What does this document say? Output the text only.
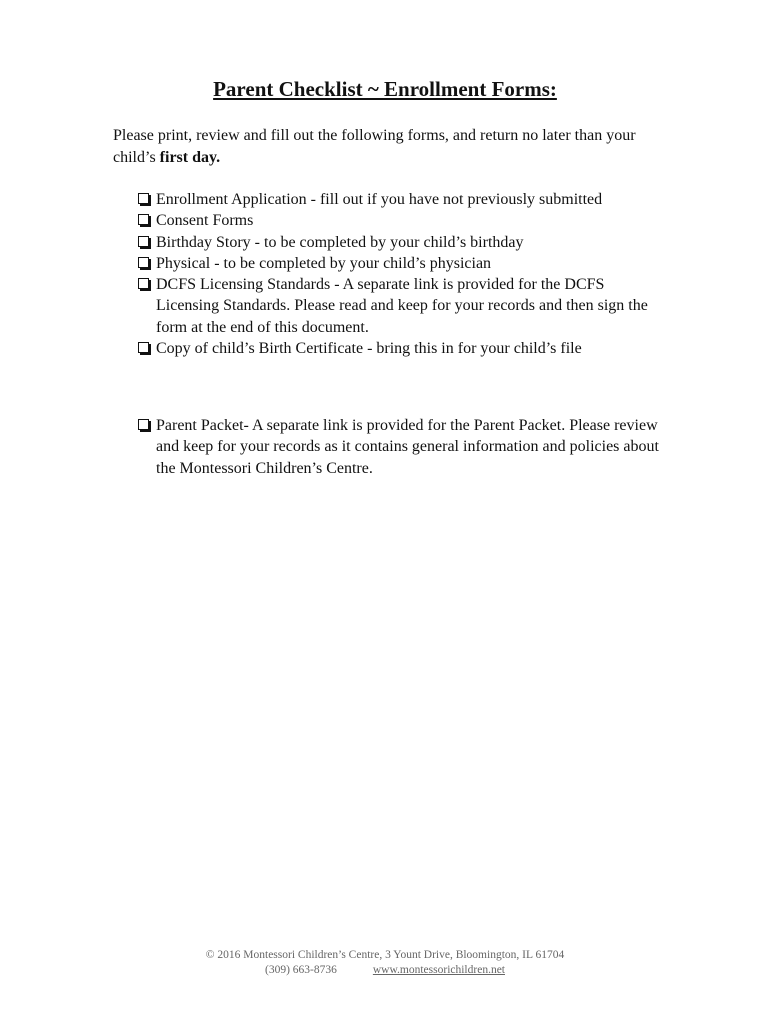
Parent Checklist ~ Enrollment Forms:

Please print, review and fill out the following forms, and return no later than your child’s first day.

Enrollment Application - fill out if you have not previously submitted
Consent Forms
Birthday Story - to be completed by your child’s birthday
Physical - to be completed by your child’s physician
DCFS Licensing Standards - A separate link is provided for the DCFS Licensing Standards. Please read and keep for your records and then sign the form at the end of this document.
Copy of child’s Birth Certificate - bring this in for your child’s file
Parent Packet- A separate link is provided for the Parent Packet. Please review and keep for your records as it contains general information and policies about the Montessori Children’s Centre.
© 2016 Montessori Children’s Centre, 3 Yount Drive, Bloomington, IL 61704
(309) 663-8736	www.montessorichildren.net
